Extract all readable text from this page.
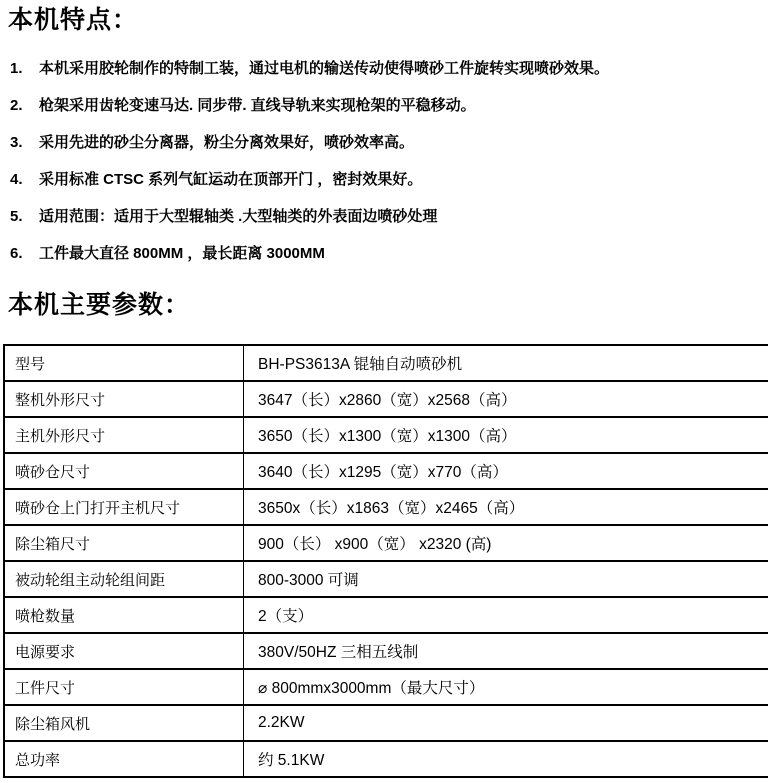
本机特点：
1.	本机采用胶轮制作的特制工装，通过电机的输送传动使得喷砂工件旋转实现喷砂效果。
2.	枪架采用齿轮变速马达. 同步带. 直线导轨来实现枪架的平稳移动。
3.	采用先进的砂尘分离器，粉尘分离效果好，喷砂效率高。
4.	采用标准 CTSC 系列气缸运动在顶部开门 ，密封效果好。
5.	适用范围：适用于大型辊轴类 .大型轴类的外表面边喷砂处理
6.	工件最大直径 800MM ，最长距离 3000MM
本机主要参数：
型号	BH-PS3613A 锟轴自动喷砂机
整机外形尺寸	3647（长）x2860（宽）x2568（高）
主机外形尺寸	3650（长）x1300（宽）x1300（高）
喷砂仓尺寸	3640（长）x1295（宽）x770（高）
喷砂仓上门打开主机尺寸	3650x（长）x1863（宽）x2465（高）
除尘箱尺寸	900（长） x900（宽） x2320 (高)
被动轮组主动轮组间距	800-3000 可调
喷枪数量	2（支）
电源要求	380V/50HZ 三相五线制
工件尺寸	⌀ 800mmx3000mm（最大尺寸）
除尘箱风机	2.2KW
总功率	约 5.1KW
